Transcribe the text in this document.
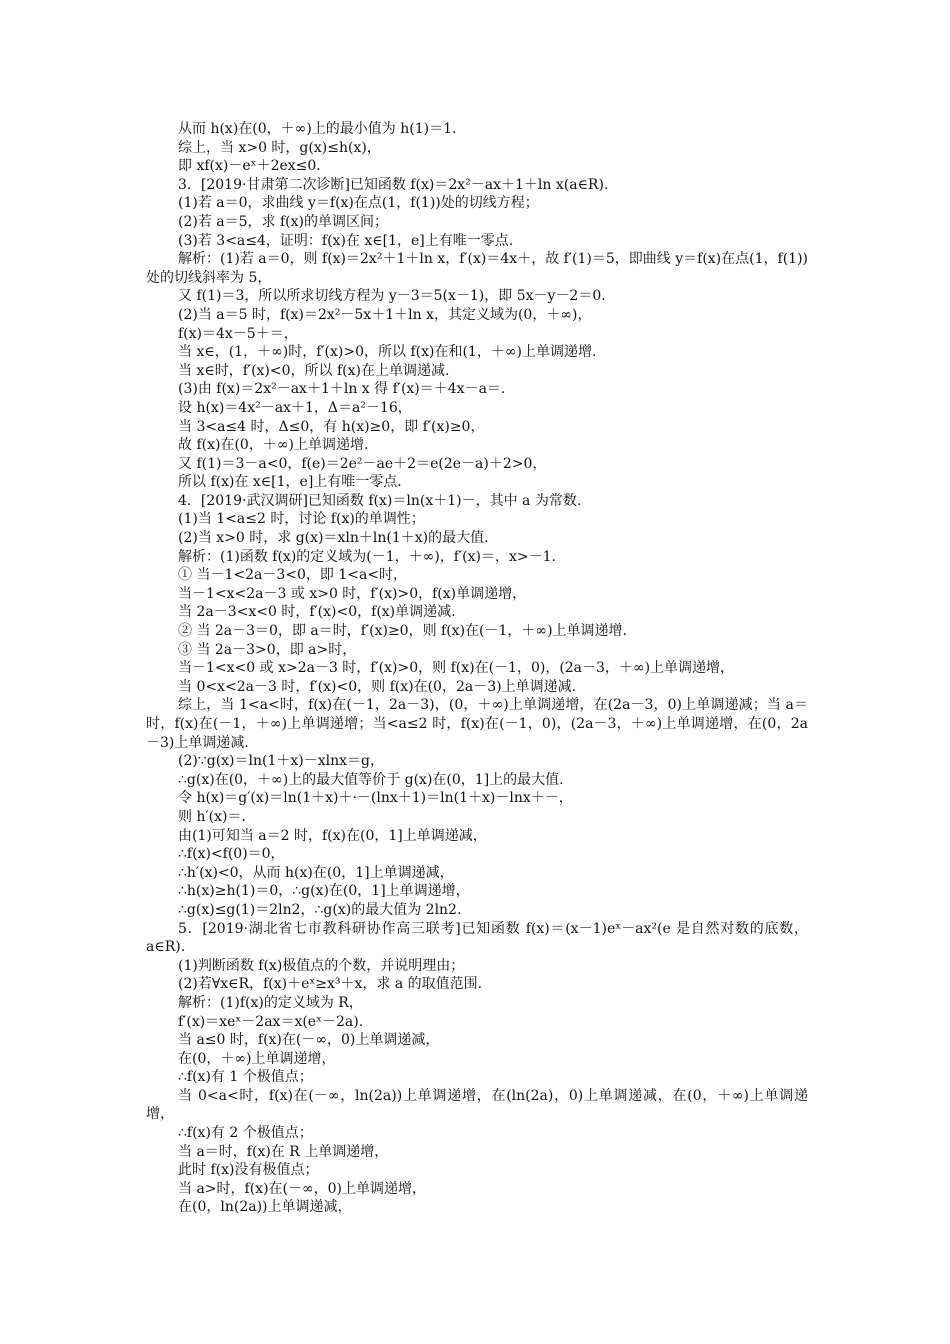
从而 h(x)在(0，＋∞)上的最小值为 h(1)＝1.
综上，当 x>0 时，g(x)≤h(x)，
即 xf(x)－eˣ＋2ex≤0.
3．[2019·甘肃第二次诊断]已知函数 f(x)＝2x²－ax＋1＋ln x(a∈R).
(1)若 a＝0，求曲线 y＝f(x)在点(1，f(1))处的切线方程；
(2)若 a＝5，求 f(x)的单调区间；
(3)若 3<a≤4，证明：f(x)在 x∈[1，e]上有唯一零点.
解析：(1)若 a＝0，则 f(x)＝2x²＋1＋ln x，f′(x)＝4x＋，故 f′(1)＝5，即曲线 y＝f(x)在点(1，f(1))处的切线斜率为 5，
又 f(1)＝3，所以所求切线方程为 y－3＝5(x－1)，即 5x－y－2＝0.
(2)当 a＝5 时，f(x)＝2x²－5x＋1＋ln x，其定义域为(0，＋∞)，
f(x)＝4x－5＋＝，
当 x∈，(1，＋∞)时，f′(x)>0，所以 f(x)在和(1，＋∞)上单调递增.
当 x∈时，f′(x)<0，所以 f(x)在上单调递减.
(3)由 f(x)＝2x²－ax＋1＋ln x 得 f′(x)＝＋4x－a＝.
设 h(x)＝4x²－ax＋1，Δ＝a²－16，
当 3<a≤4 时，Δ≤0，有 h(x)≥0，即 f′(x)≥0，
故 f(x)在(0，＋∞)上单调递增.
又 f(1)＝3－a<0，f(e)＝2e²－ae＋2＝e(2e－a)＋2>0，
所以 f(x)在 x∈[1，e]上有唯一零点.
4．[2019·武汉调研]已知函数 f(x)＝ln(x＋1)－，其中 a 为常数.
(1)当 1<a≤2 时，讨论 f(x)的单调性；
(2)当 x>0 时，求 g(x)＝xln＋ln(1＋x)的最大值.
解析：(1)函数 f(x)的定义域为(－1，＋∞)，f′(x)＝，x>－1.
① 当－1<2a－3<0，即 1<a<时，
当－1<x<2a－3 或 x>0 时，f′(x)>0，f(x)单调递增，
当 2a－3<x<0 时，f′(x)<0，f(x)单调递减.
② 当 2a－3＝0，即 a＝时，f′(x)≥0，则 f(x)在(－1，＋∞)上单调递增.
③ 当 2a－3>0，即 a>时，
当－1<x<0 或 x>2a－3 时，f′(x)>0，则 f(x)在(－1，0)，(2a－3，＋∞)上单调递增，
当 0<x<2a－3 时，f′(x)<0，则 f(x)在(0，2a－3)上单调递减.
综上，当 1<a<时，f(x)在(－1，2a－3)，(0，＋∞)上单调递增，在(2a－3，0)上单调递减；当 a＝时，f(x)在(－1，＋∞)上单调递增；当<a≤2 时，f(x)在(－1，0)，(2a－3，＋∞)上单调递增，在(0，2a－3)上单调递减.
(2)∵g(x)＝ln(1＋x)－xlnx＝g，
∴g(x)在(0，＋∞)上的最大值等价于 g(x)在(0，1]上的最大值.
令 h(x)＝g′(x)＝ln(1＋x)＋·－(lnx＋1)＝ln(1＋x)－lnx＋－，
则 h′(x)＝.
由(1)可知当 a＝2 时，f(x)在(0，1]上单调递减，
∴f(x)<f(0)＝0，
∴h′(x)<0，从而 h(x)在(0，1]上单调递减，
∴h(x)≥h(1)＝0，∴g(x)在(0，1]上单调递增，
∴g(x)≤g(1)＝2ln2，∴g(x)的最大值为 2ln2.
5．[2019·湖北省七市教科研协作高三联考]已知函数 f(x)＝(x－1)eˣ－ax²(e 是自然对数的底数，a∈R).
(1)判断函数 f(x)极值点的个数，并说明理由；
(2)若∀x∈R，f(x)＋eˣ≥x³＋x，求 a 的取值范围.
解析：(1)f(x)的定义域为 R，
f′(x)＝xeˣ－2ax＝x(eˣ－2a).
当 a≤0 时，f(x)在(－∞，0)上单调递减，
在(0，＋∞)上单调递增，
∴f(x)有 1 个极值点；
当 0<a<时，f(x)在(－∞，ln(2a))上单调递增，在(ln(2a)，0)上单调递减，在(0，＋∞)上单调递增，
∴f(x)有 2 个极值点；
当 a＝时，f(x)在 R 上单调递增，
此时 f(x)没有极值点；
当 a>时，f(x)在(－∞，0)上单调递增，
在(0，ln(2a))上单调递减，
